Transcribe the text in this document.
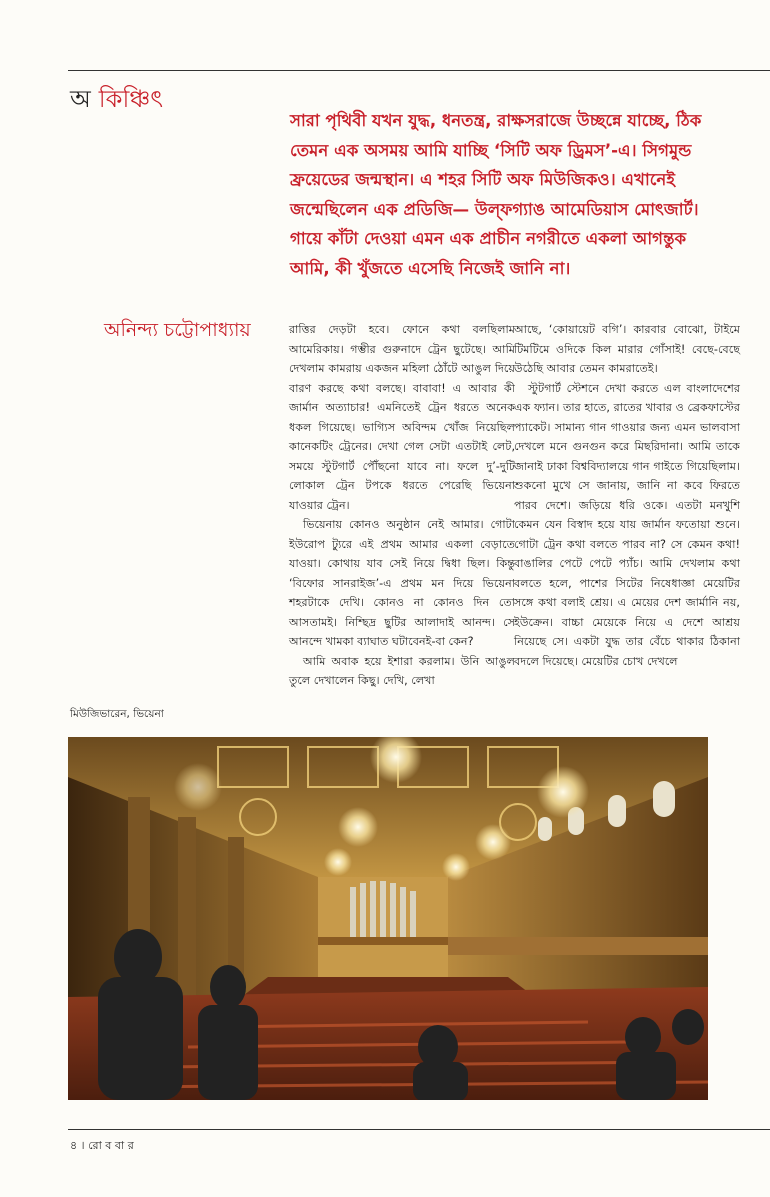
অ কিঞ্চিৎ
সারা পৃথিবী যখন যুদ্ধ, ধনতন্ত্র, রাক্ষসরাজে উচ্ছন্নে যাচ্ছে, ঠিক তেমন এক অসময় আমি যাচ্ছি ‘সিটি অফ ড্রিমস’-এ। সিগমুন্ড ফ্রয়েডের জন্মস্থান। এ শহর সিটি অফ মিউজিকও। এখানেই জন্মেছিলেন এক প্রডিজি— উল্‌ফগ্যাঙ আমেডিয়াস মোৎজার্ট। গায়ে কাঁটা দেওয়া এমন এক প্রাচীন নগরীতে একলা আগন্তুক আমি, কী খুঁজতে এসেছি নিজেই জানি না।
অনিন্দ্য চট্টোপাধ্যায়	রাত্তির দেড়টা হবে। ফোনে কথা বলছিলাম আমেরিকায়। গম্ভীর গুরুনাদে ট্রেন ছুটেছে। আমি দেখলাম কামরায় একজন মহিলা ঠোঁটে আঙুল দিয়ে বারণ করছে কথা বলছে। বাবাবা! এ আবার কী জার্মান অত্যাচার! এমনিতেই ট্রেন ধরতে অনেক ধকল গিয়েছে। ভাগ্যিস অবিন্দম খোঁজ নিয়েছিল কানেকটিং ট্রেনের। দেখা গেল সেটা এতটাই লেট, সময়ে স্টুটগার্ট পৌঁছনো যাবে না। ফলে দু’-দুটি লোকাল ট্রেন টপকে ধরতে পেরেছি ভিয়েনা যাওয়ার ট্রেন।

ভিয়েনায় কোনও অনুষ্ঠান নেই আমার। গোটা ইউরোপ ট্যুরে এই প্রথম আমার একলা বেড়াতে যাওয়া। কোথায় যাব সেই নিয়ে দ্বিধা ছিল। কিন্তু ‘বিফোর সানরাইজ’-এ প্রথম মন দিয়ে ভিয়েনা শহরটাকে দেখি। কোনও না কোনও দিন তো আসতামই। নিশ্ছিদ্র ছুটির আলাদাই আনন্দ। সে আনন্দে খামকা ব্যাঘাত ঘটাবেনই-বা কেন?

আমি অবাক হয়ে ইশারা করলাম। উনি আঙুল তুলে দেখালেন কিছু। দেখি, লেখা

আছে, ‘কোয়ায়েট বগি’। কারবার বোঝো, টাইমে টিমটিমে ওদিকে কিল মারার গোঁসাই! বেছে-বেছে উঠেছি আবার তেমন কামরাতেই।

স্টুটগার্ট স্টেশনে দেখা করতে এল বাংলাদেশের এক ফ্যান। তার হাতে, রাতের খাবার ও ব্রেকফাস্টের প্যাকেট। সামান্য গান গাওয়ার জন্য এমন ভালবাসা দেখলে মনে গুনগুন করে মিছরিদানা। আমি তাকে জানাই ঢাকা বিশ্ববিদ্যালয়ে গান গাইতে গিয়েছিলাম। শুকনো মুখে সে জানায়, জানি না কবে ফিরতে পারব দেশে। জড়িয়ে ধরি ওকে। এতটা মনখুশি কেমন যেন বিস্বাদ হয়ে যায় জার্মান ফতোয়া শুনে। গোটা ট্রেন কথা বলতে পারব না? সে কেমন কথা! বাঙালির পেটে পেটে প্যাঁচ। আমি দেখলাম কথা বলতে হলে, পাশের সিটের নিষেধাজ্ঞা মেয়েটির সঙ্গে কথা বলাই শ্রেয়। এ মেয়ের দেশ জার্মানি নয়, ইউক্রেন। বাচ্চা মেয়েকে নিয়ে এ দেশে আশ্রয় নিয়েছে সে। একটা যুদ্ধ তার বেঁচে থাকার ঠিকানা বদলে দিয়েছে। মেয়েটির চোখ দেখলে

মিউজিভারেন, ভিয়েনা
৪ । রো ব বা র
